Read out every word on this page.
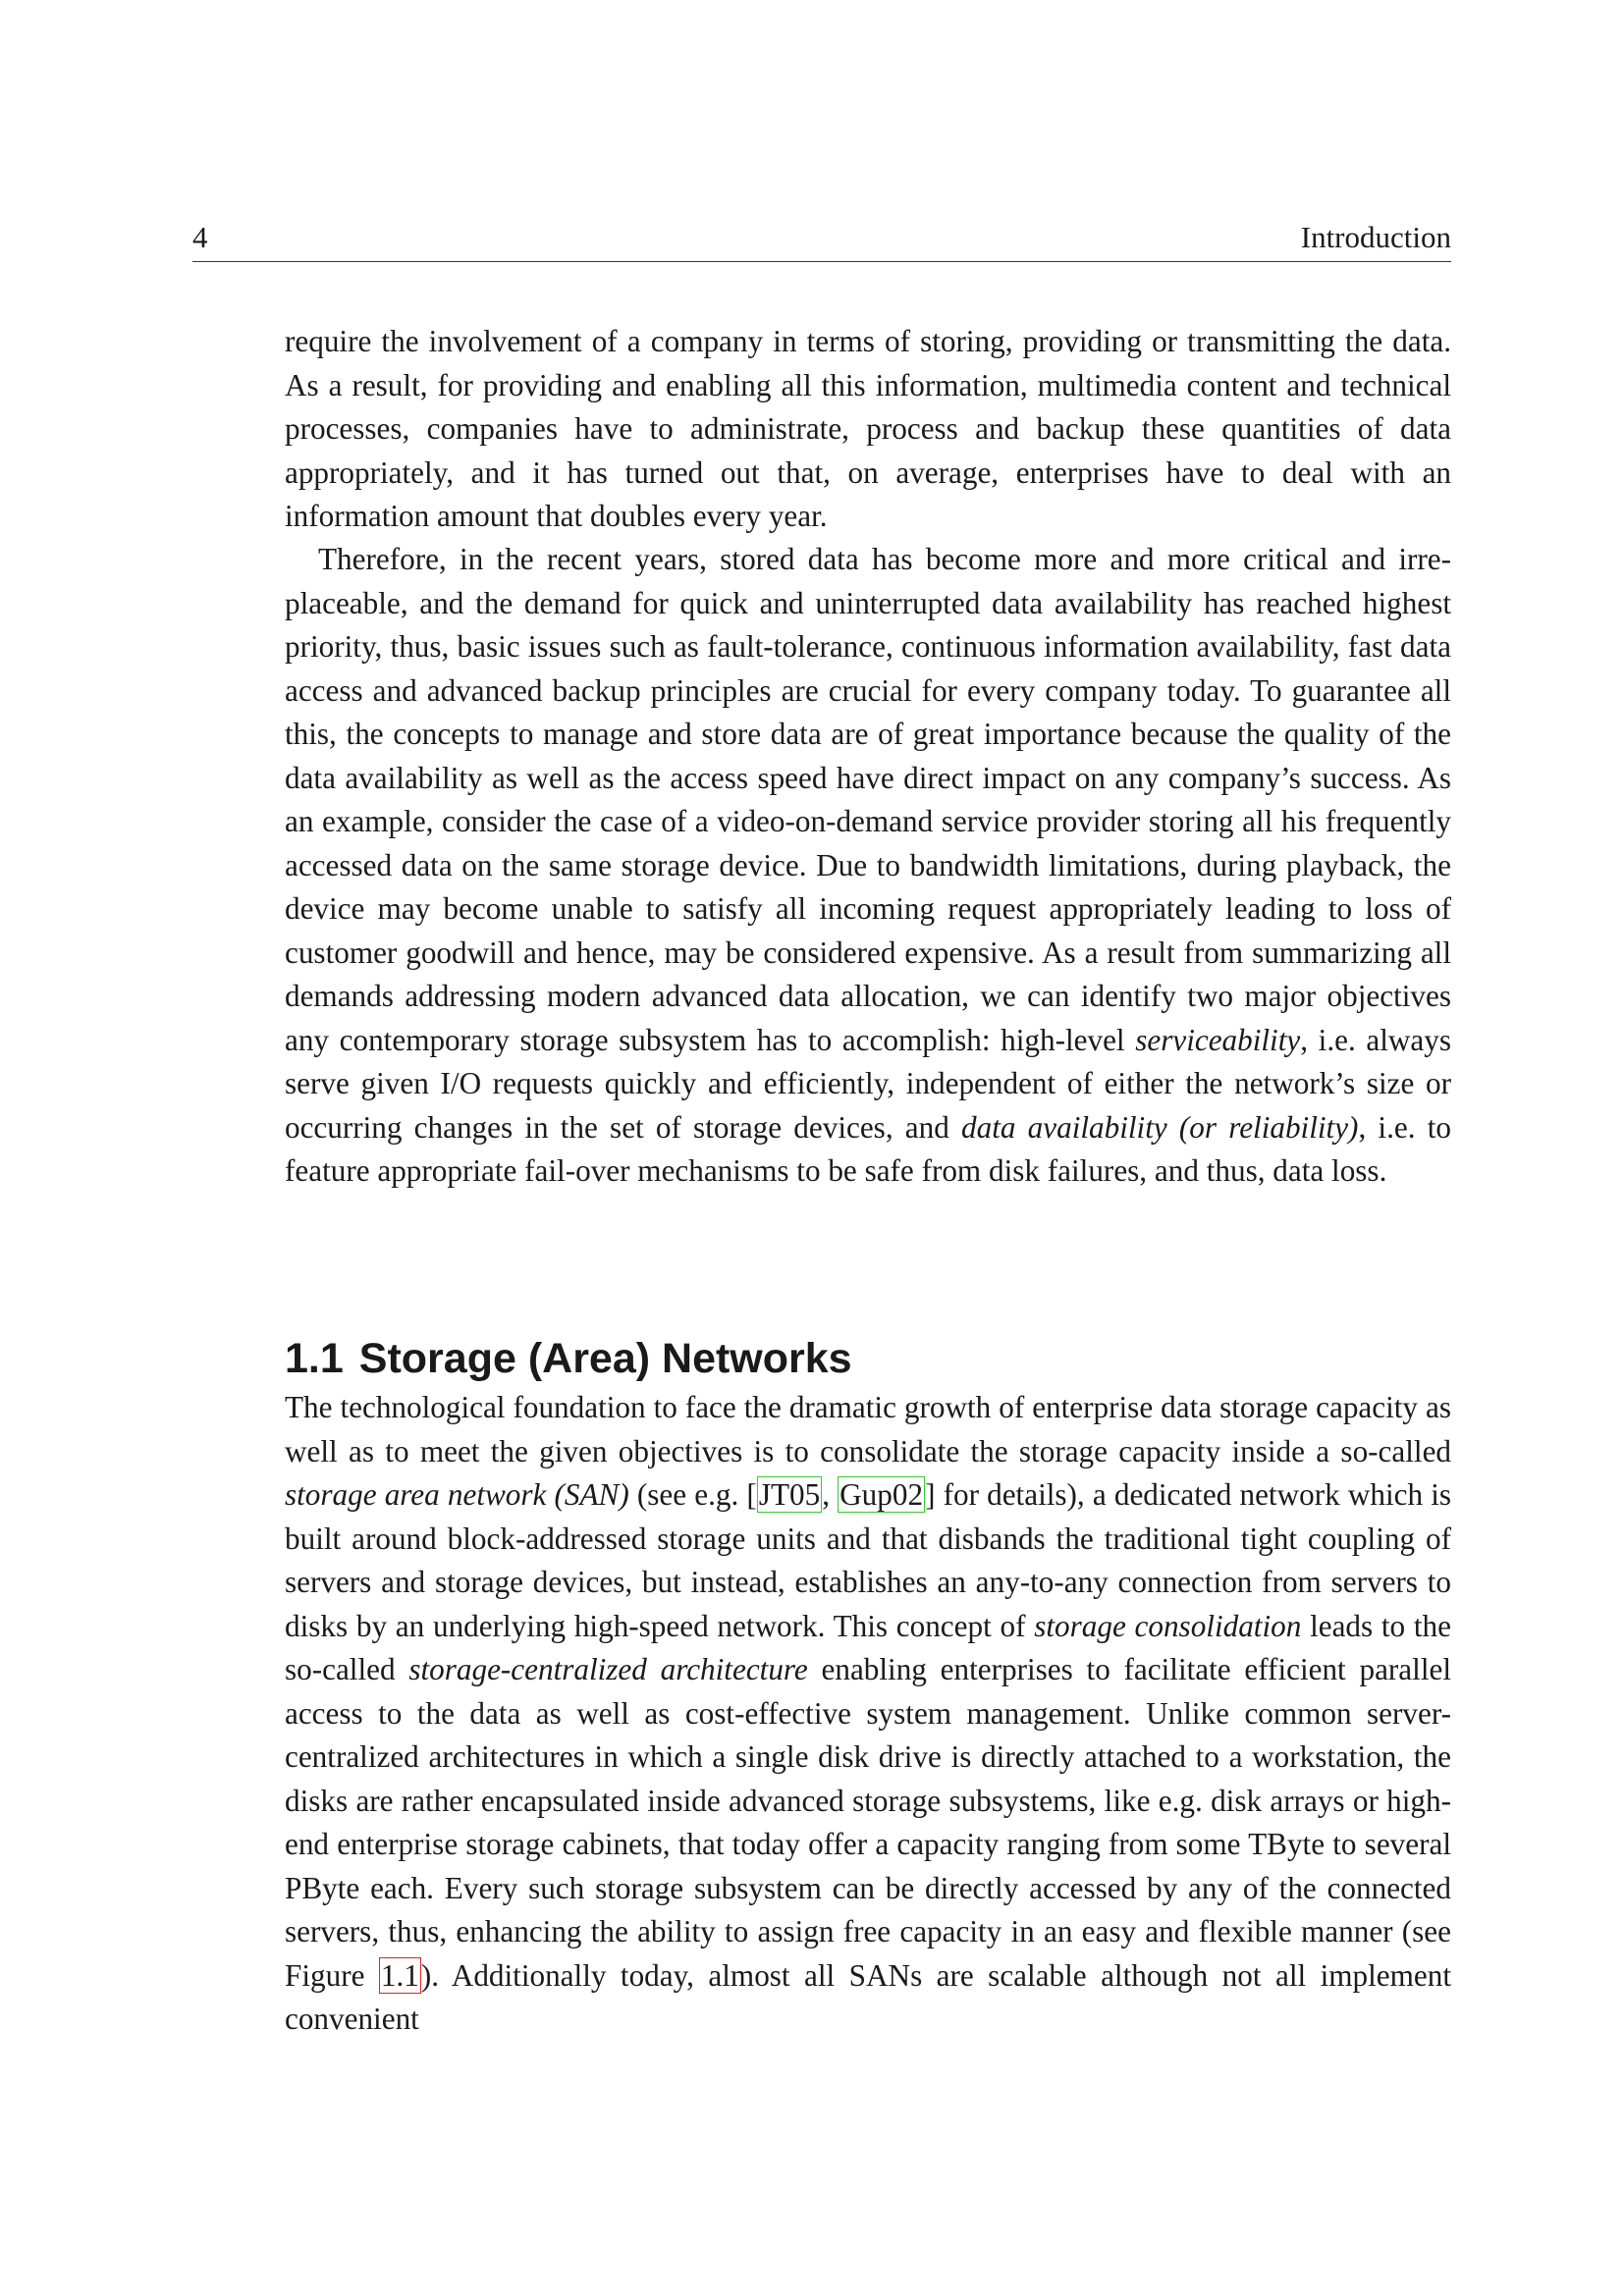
4	Introduction

require the involvement of a company in terms of storing, providing or transmitting the data. As a result, for providing and enabling all this information, multimedia content and technical processes, companies have to administrate, process and backup these quantities of data appropriately, and it has turned out that, on average, enterprises have to deal with an information amount that doubles every year.

Therefore, in the recent years, stored data has become more and more critical and irreplaceable, and the demand for quick and uninterrupted data availability has reached highest priority, thus, basic issues such as fault-tolerance, continuous information availability, fast data access and advanced backup principles are crucial for every company today. To guarantee all this, the concepts to manage and store data are of great importance because the quality of the data availability as well as the access speed have direct impact on any company’s success. As an example, consider the case of a video-on-demand service provider storing all his frequently accessed data on the same storage device. Due to bandwidth limitations, during playback, the device may become unable to satisfy all incoming request appropriately leading to loss of customer goodwill and hence, may be considered expensive. As a result from summarizing all demands addressing modern advanced data allocation, we can identify two major objectives any contemporary storage subsystem has to accomplish: high-level serviceability, i.e. always serve given I/O requests quickly and efficiently, independent of either the network’s size or occurring changes in the set of storage devices, and data availability (or reliability), i.e. to feature appropriate fail-over mechanisms to be safe from disk failures, and thus, data loss.

1.1 Storage (Area) Networks

The technological foundation to face the dramatic growth of enterprise data storage capacity as well as to meet the given objectives is to consolidate the storage capacity inside a so-called storage area network (SAN) (see e.g. [JT05, Gup02] for details), a dedicated network which is built around block-addressed storage units and that disbands the traditional tight coupling of servers and storage devices, but instead, establishes an any-to-any connection from servers to disks by an underlying high-speed network. This concept of storage consolidation leads to the so-called storage-centralized architecture enabling enterprises to facilitate efficient parallel access to the data as well as cost-effective system management. Unlike common server-centralized architectures in which a single disk drive is directly attached to a workstation, the disks are rather encapsulated inside advanced storage subsystems, like e.g. disk arrays or high-end enterprise storage cabinets, that today offer a capacity ranging from some TByte to several PByte each. Every such storage subsystem can be directly accessed by any of the connected servers, thus, enhancing the ability to assign free capacity in an easy and flexible manner (see Figure 1.1). Additionally today, almost all SANs are scalable although not all implement convenient
